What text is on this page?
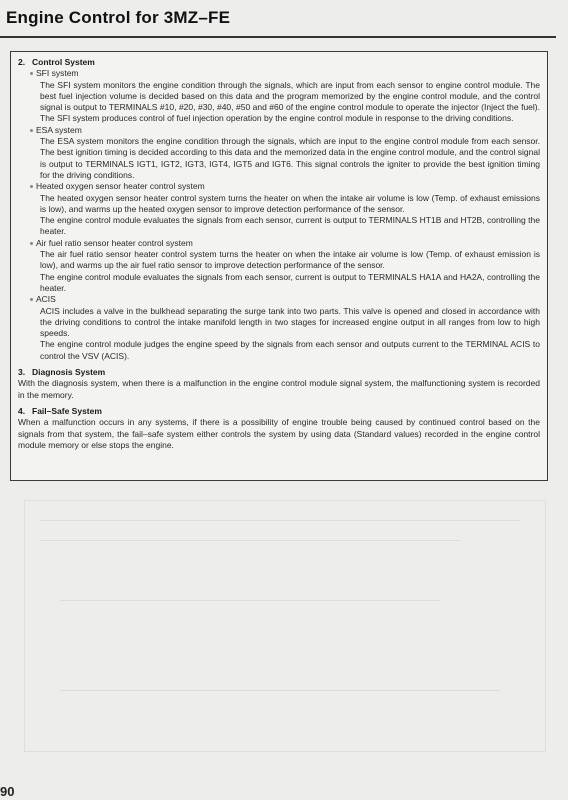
Engine Control for 3MZ–FE

2. Control System

SFI system

The SFI system monitors the engine condition through the signals, which are input from each sensor to engine control module. The best fuel injection volume is decided based on this data and the program memorized by the engine control module, and the control signal is output to TERMINALS #10, #20, #30, #40, #50 and #60 of the engine control module to operate the injector (Inject the fuel). The SFI system produces control of fuel injection operation by the engine control module in response to the driving conditions.

ESA system

The ESA system monitors the engine condition through the signals, which are input to the engine control module from each sensor. The best ignition timing is decided according to this data and the memorized data in the engine control module, and the control signal is output to TERMINALS IGT1, IGT2, IGT3, IGT4, IGT5 and IGT6. This signal controls the igniter to provide the best ignition timing for the driving conditions.

Heated oxygen sensor heater control system

The heated oxygen sensor heater control system turns the heater on when the intake air volume is low (Temp. of exhaust emissions is low), and warms up the heated oxygen sensor to improve detection performance of the sensor.

The engine control module evaluates the signals from each sensor, current is output to TERMINALS HT1B and HT2B, controlling the heater.

Air fuel ratio sensor heater control system

The air fuel ratio sensor heater control system turns the heater on when the intake air volume is low (Temp. of exhaust emission is low), and warms up the air fuel ratio sensor to improve detection performance of the sensor.

The engine control module evaluates the signals from each sensor, current is output to TERMINALS HA1A and HA2A, controlling the heater.

ACIS

ACIS includes a valve in the bulkhead separating the surge tank into two parts. This valve is opened and closed in accordance with the driving conditions to control the intake manifold length in two stages for increased engine output in all ranges from low to high speeds.

The engine control module judges the engine speed by the signals from each sensor and outputs current to the TERMINAL ACIS to control the VSV (ACIS).

3. Diagnosis System

With the diagnosis system, when there is a malfunction in the engine control module signal system, the malfunctioning system is recorded in the memory.

4. Fail–Safe System

When a malfunction occurs in any systems, if there is a possibility of engine trouble being caused by continued control based on the signals from that system, the fail–safe system either controls the system by using data (Standard values) recorded in the engine control module memory or else stops the engine.

90
